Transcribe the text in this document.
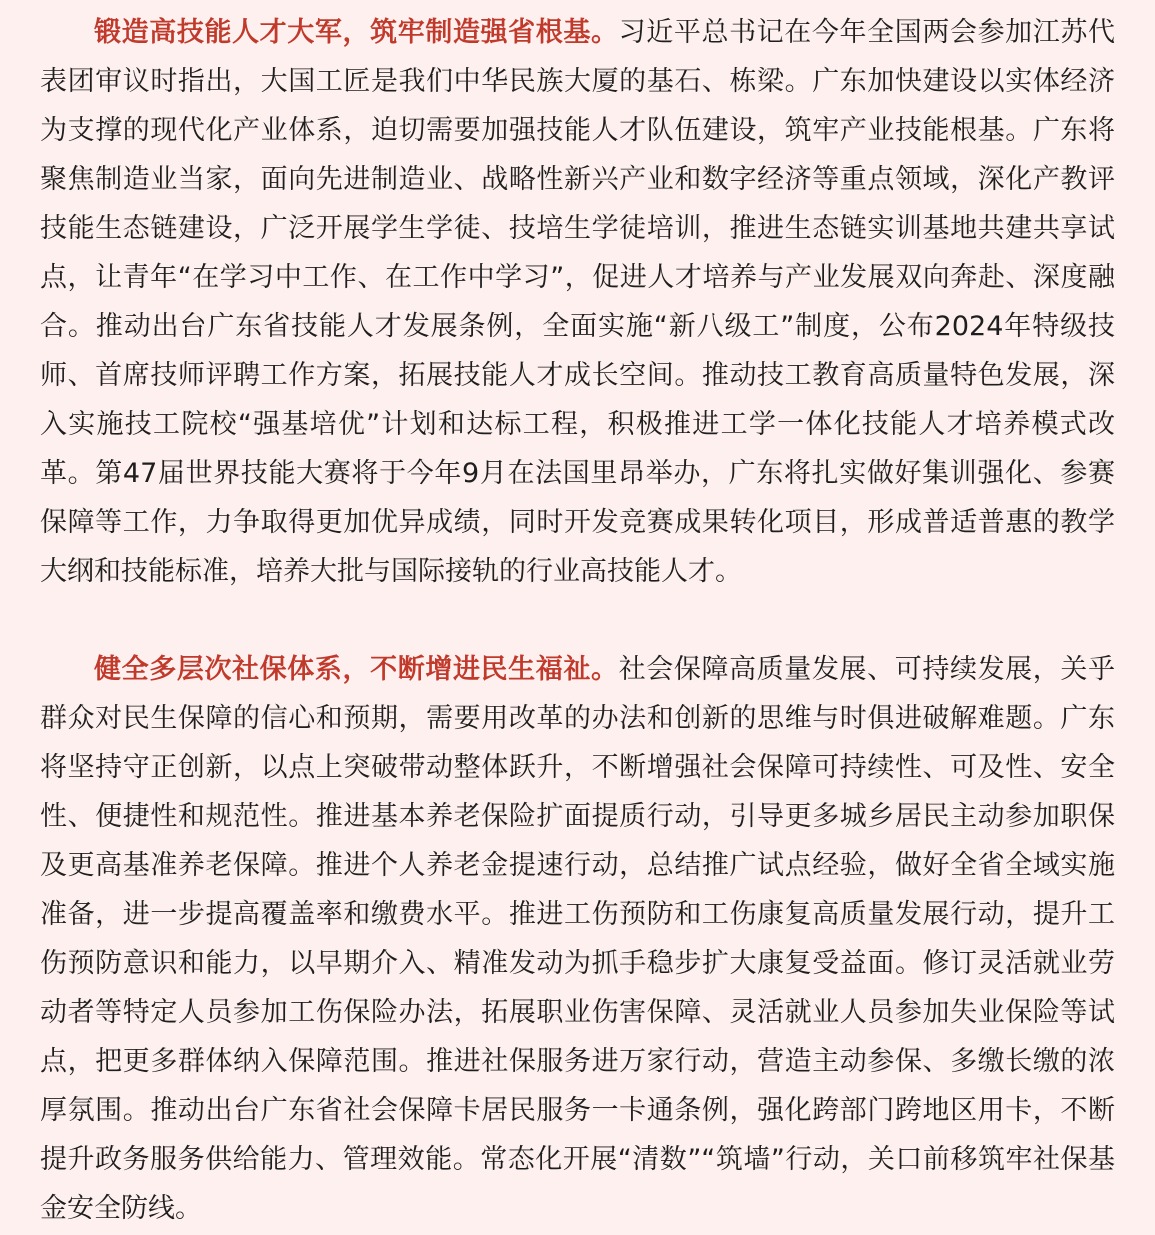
锻造高技能人才大军，筑牢制造强省根基。习近平总书记在今年全国两会参加江苏代表团审议时指出，大国工匠是我们中华民族大厦的基石、栋梁。广东加快建设以实体经济为支撑的现代化产业体系，迫切需要加强技能人才队伍建设，筑牢产业技能根基。广东将聚焦制造业当家，面向先进制造业、战略性新兴产业和数字经济等重点领域，深化产教评技能生态链建设，广泛开展学生学徒、技培生学徒培训，推进生态链实训基地共建共享试点，让青年“在学习中工作、在工作中学习”，促进人才培养与产业发展双向奔赴、深度融合。推动出台广东省技能人才发展条例，全面实施“新八级工”制度，公布2024年特级技师、首席技师评聘工作方案，拓展技能人才成长空间。推动技工教育高质量特色发展，深入实施技工院校“强基培优”计划和达标工程，积极推进工学一体化技能人才培养模式改革。第47届世界技能大赛将于今年9月在法国里昂举办，广东将扎实做好集训强化、参赛保障等工作，力争取得更加优异成绩，同时开发竞赛成果转化项目，形成普适普惠的教学大纲和技能标准，培养大批与国际接轨的行业高技能人才。

健全多层次社保体系，不断增进民生福祉。社会保障高质量发展、可持续发展，关乎群众对民生保障的信心和预期，需要用改革的办法和创新的思维与时俱进破解难题。广东将坚持守正创新，以点上突破带动整体跃升，不断增强社会保障可持续性、可及性、安全性、便捷性和规范性。推进基本养老保险扩面提质行动，引导更多城乡居民主动参加职保及更高基准养老保障。推进个人养老金提速行动，总结推广试点经验，做好全省全域实施准备，进一步提高覆盖率和缴费水平。推进工伤预防和工伤康复高质量发展行动，提升工伤预防意识和能力，以早期介入、精准发动为抓手稳步扩大康复受益面。修订灵活就业劳动者等特定人员参加工伤保险办法，拓展职业伤害保障、灵活就业人员参加失业保险等试点，把更多群体纳入保障范围。推进社保服务进万家行动，营造主动参保、多缴长缴的浓厚氛围。推动出台广东省社会保障卡居民服务一卡通条例，强化跨部门跨地区用卡，不断提升政务服务供给能力、管理效能。常态化开展“清数”“筑墙”行动，关口前移筑牢社保基金安全防线。
